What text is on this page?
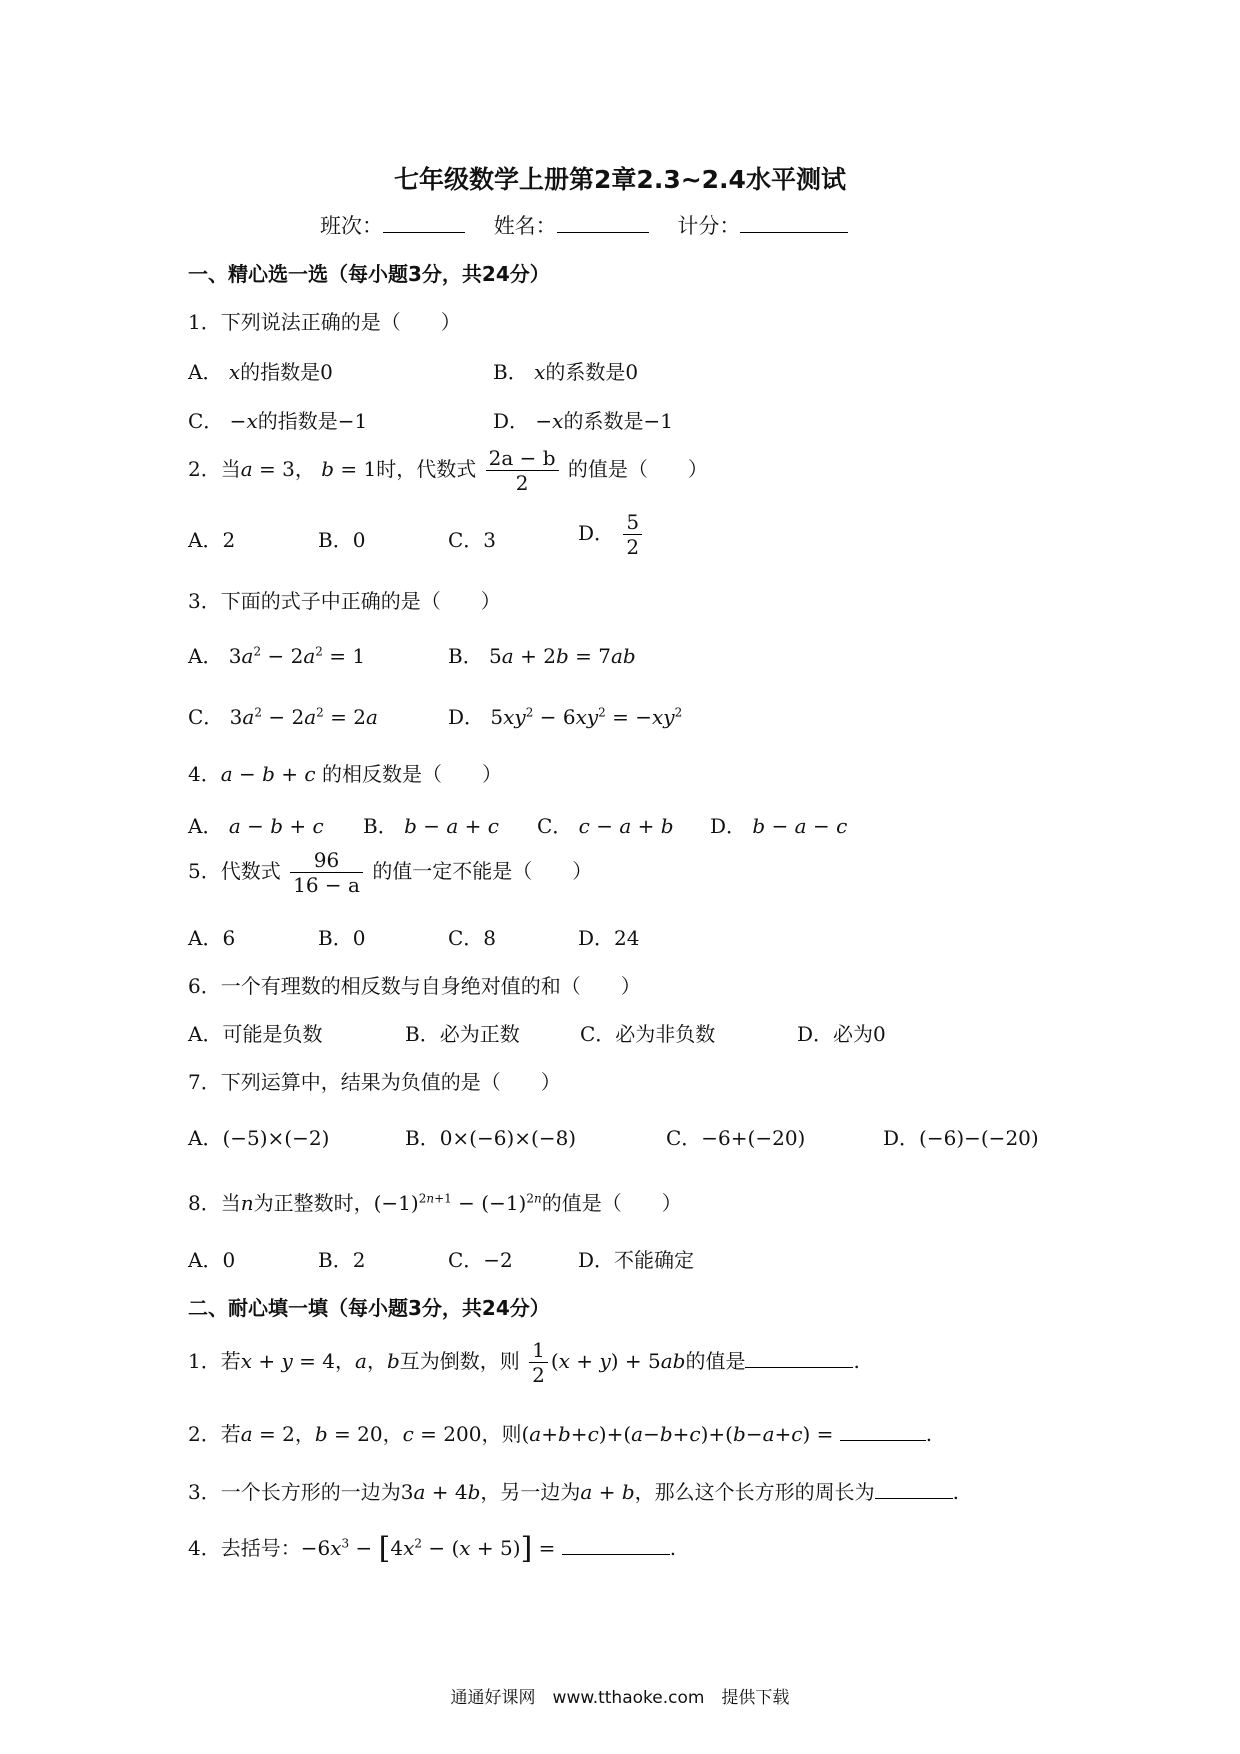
七年级数学上册第2章2.3~2.4水平测试
班次：	姓名：	计分：
一、精心选一选（每小题3分，共24分）
1．下列说法正确的是（　　）
A． x的指数是0	B． x的系数是0
C． −x的指数是−1	D． −x的系数是−1
2．当a = 3， b = 1时，代数式 $\frac{2a - b}{2}$ 的值是（　　）
A．2	B．0	C．3	D． $\frac{5}{2}$
3．下面的式子中正确的是（　　）
A． $3a^2 - 2a^2 = 1$	B． 5a + 2b = 7ab
C． $3a^2 - 2a^2 = 2a$	D． $5xy^2 - 6xy^2 = -xy^2$
4．a − b + c 的相反数是（　　）
A． a − b + c B． b − a + c C． c − a + b D． b − a − c
5．代数式 $\frac{96}{16 - a}$ 的值一定不能是（　　）
A．6	B．0	C．8	D．24
6．一个有理数的相反数与自身绝对值的和（　　）
A．可能是负数	B．必为正数	C．必为非负数	D．必为0
7．下列运算中，结果为负值的是（　　）
A．(−5)×(−2)	B．0×(−6)×(−8)	C．−6+(−20)	D．(−6)−(−20)
8．当n为正整数时，$(-1)^{2n+1} - (-1)^{2n}$的值是（　　）
A．0	B．2	C．−2	D．不能确定
二、耐心填一填（每小题3分，共24分）
1．若x + y = 4，a，b互为倒数，则 $\frac{1}{2} (x + y) + 5ab$的值是	.
2．若a = 2，b = 20，c = 200，则(a+b+c)+(a−b+c)+(b−a+c) =	.
3．一个长方形的一边为3a + 4b，另一边为a + b，那么这个长方形的周长为	.
4．去括号：$-6x^3 - [4x^2 - (x + 5)]$ =	.
通通好课网　www.tthaoke.com　提供下载
